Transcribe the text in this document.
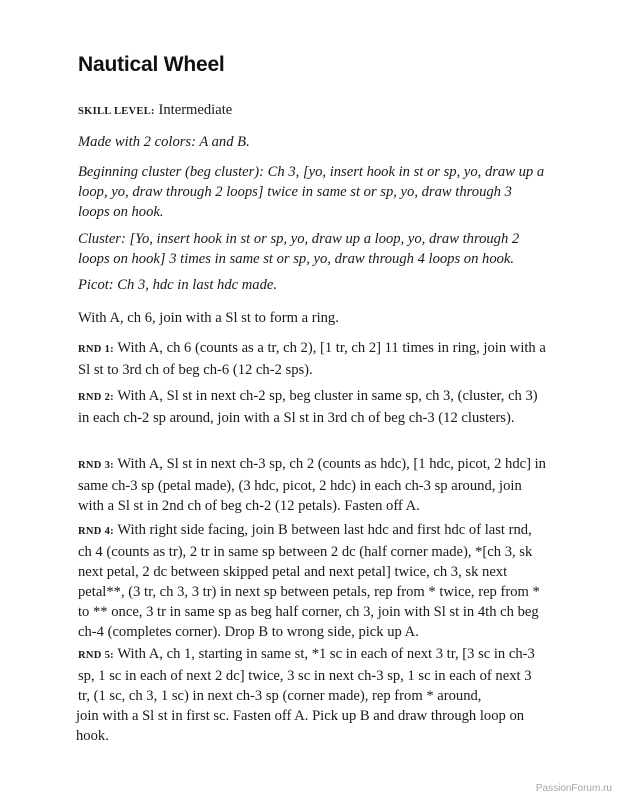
Nautical Wheel

SKILL LEVEL: Intermediate

Made with 2 colors: A and B.

Beginning cluster (beg cluster): Ch 3, [yo, insert hook in st or sp, yo, draw up a loop, yo, draw through 2 loops] twice in same st or sp, yo, draw through 3 loops on hook.

Cluster: [Yo, insert hook in st or sp, yo, draw up a loop, yo, draw through 2 loops on hook] 3 times in same st or sp, yo, draw through 4 loops on hook.

Picot: Ch 3, hdc in last hdc made.

With A, ch 6, join with a Sl st to form a ring.

RND 1: With A, ch 6 (counts as a tr, ch 2), [1 tr, ch 2] 11 times in ring, join with a Sl st to 3rd ch of beg ch-6 (12 ch-2 sps).

RND 2: With A, Sl st in next ch-2 sp, beg cluster in same sp, ch 3, (cluster, ch 3) in each ch-2 sp around, join with a Sl st in 3rd ch of beg ch-3 (12 clusters).

RND 3: With A, Sl st in next ch-3 sp, ch 2 (counts as hdc), [1 hdc, picot, 2 hdc] in same ch-3 sp (petal made), (3 hdc, picot, 2 hdc) in each ch-3 sp around, join with a Sl st in 2nd ch of beg ch-2 (12 petals). Fasten off A.

RND 4: With right side facing, join B between last hdc and first hdc of last rnd, ch 4 (counts as tr), 2 tr in same sp between 2 dc (half corner made), *[ch 3, sk next petal, 2 dc between skipped petal and next petal] twice, ch 3, sk next petal**, (3 tr, ch 3, 3 tr) in next sp between petals, rep from * twice, rep from * to ** once, 3 tr in same sp as beg half corner, ch 3, join with Sl st in 4th ch beg ch-4 (completes corner). Drop B to wrong side, pick up A.

RND 5: With A, ch 1, starting in same st, *1 sc in each of next 3 tr, [3 sc in ch-3 sp, 1 sc in each of next 2 dc] twice, 3 sc in next ch-3 sp, 1 sc in each of next 3 tr, (1 sc, ch 3, 1 sc) in next ch-3 sp (corner made), rep from * around,

join with a Sl st in first sc. Fasten off A. Pick up B and draw through loop on hook.

PassionForum.ru
